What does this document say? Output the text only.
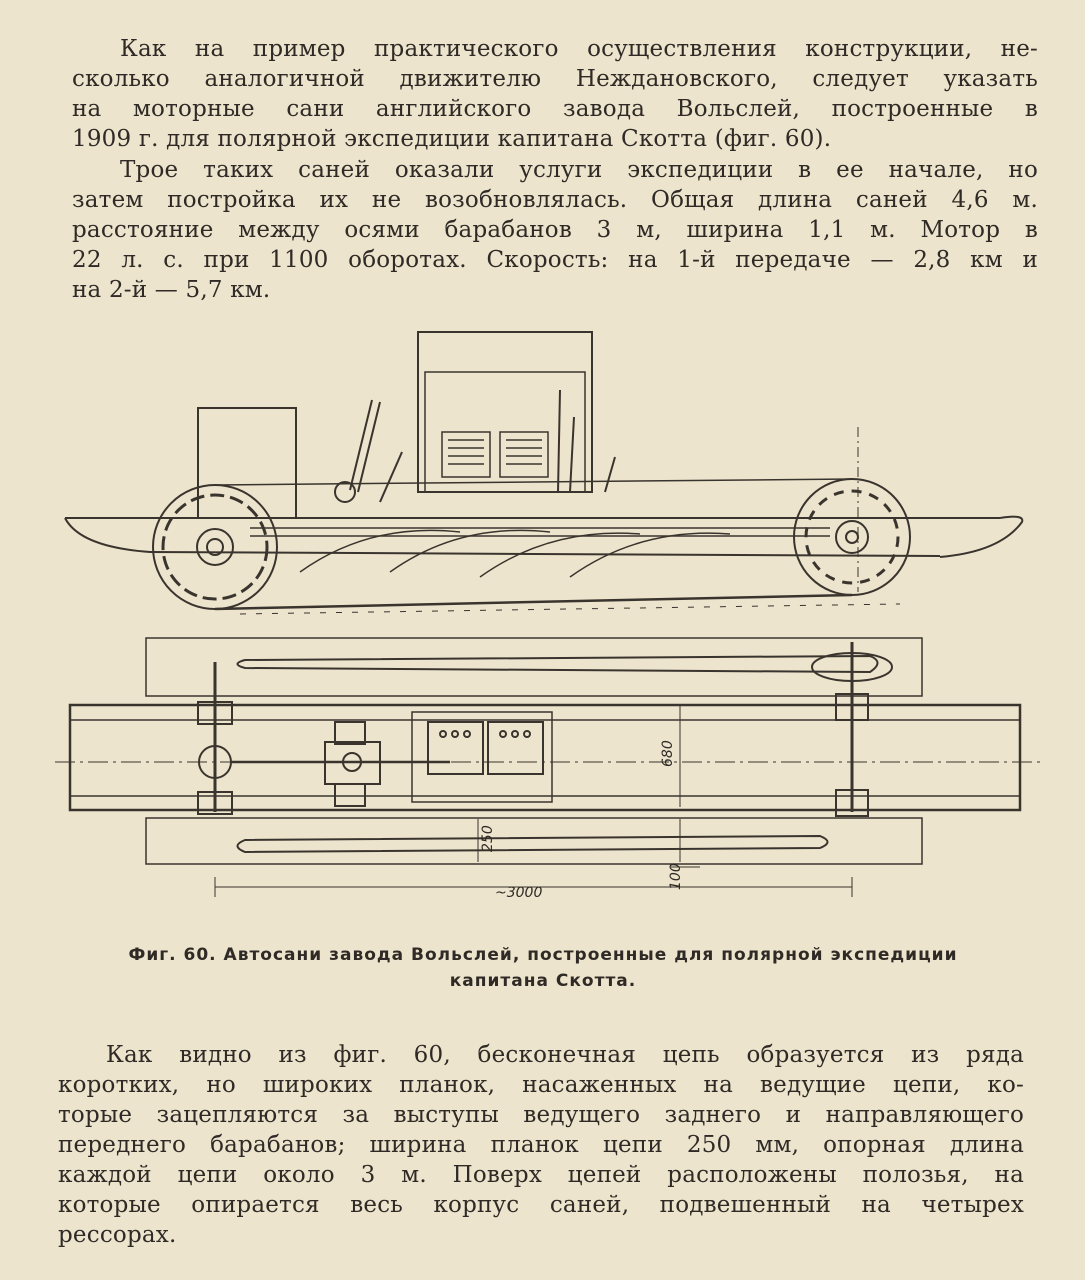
Как на пример практического осуществления конструкции, не-
сколько аналогичной движителю Неждановского, следует указать
на моторные сани английского завода Вольслей, построенные в
1909 г. для полярной экспедиции капитана Скотта (фиг. 60).
Трое таких саней оказали услуги экспедиции в ее начале, но
затем постройка их не возобновлялась. Общая длина саней 4,6 м.
расстояние между осями барабанов 3 м, ширина 1,1 м. Мотор в
22 л. с. при 1100 оборотах. Скорость: на 1-й передаче — 2,8 км и
на 2-й — 5,7 км.
~3000
680
250
100
Фиг. 60. Автосани завода Вольслей, построенные для полярной экспедиции
капитана Скотта.
Как видно из фиг. 60, бесконечная цепь образуется из ряда
коротких, но широких планок, насаженных на ведущие цепи, ко-
торые зацепляются за выступы ведущего заднего и направляющего
переднего барабанов; ширина планок цепи 250 мм, опорная длина
каждой цепи около 3 м. Поверх цепей расположены полозья, на
которые опирается весь корпус саней, подвешенный на четырех
рессорах.
